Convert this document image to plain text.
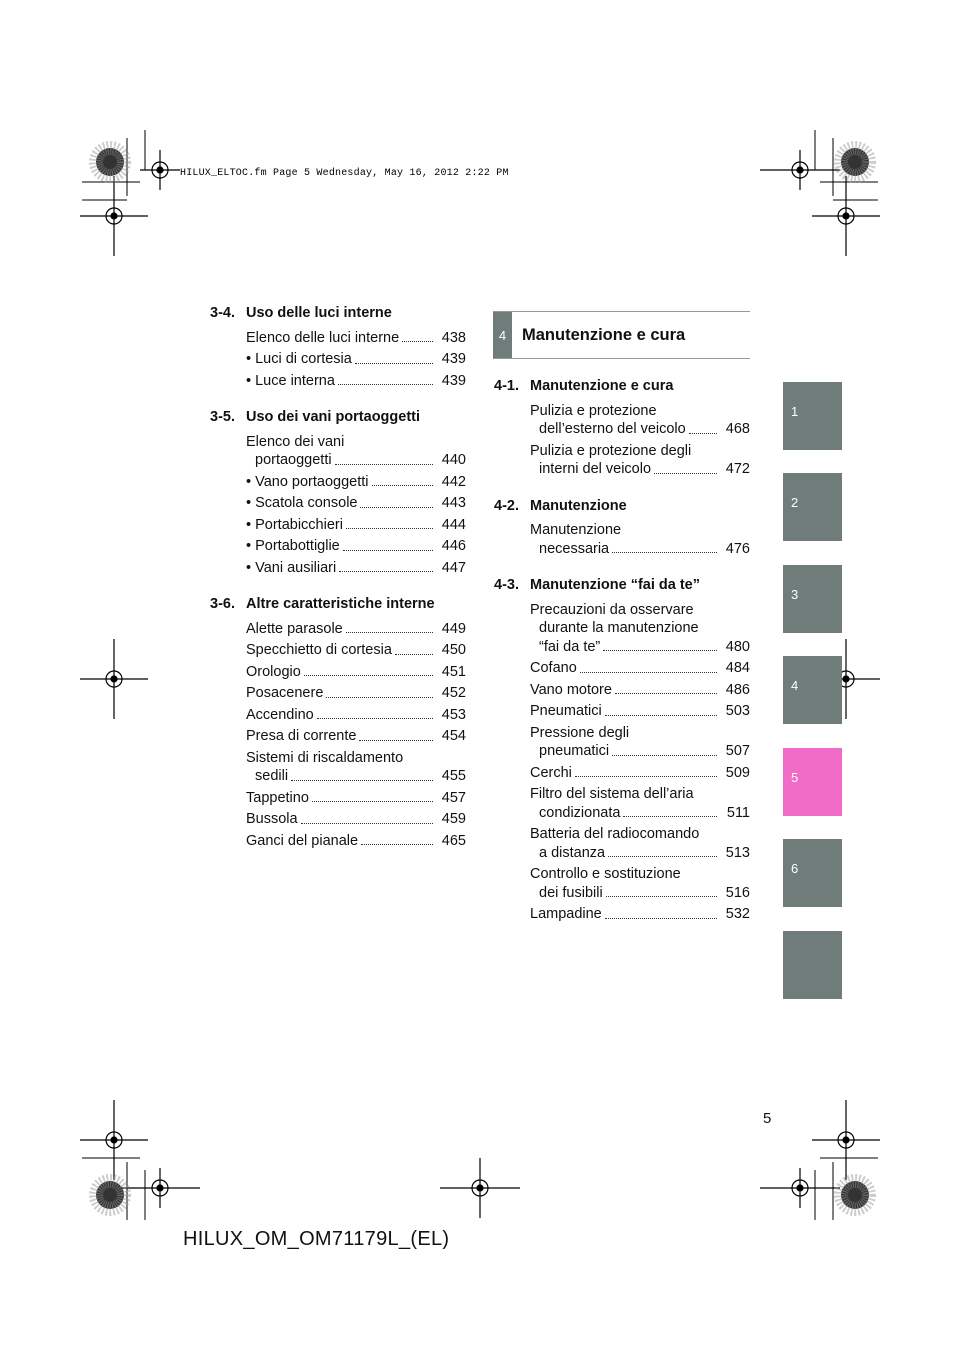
HILUX_ELTOC.fm Page 5 Wednesday, May 16, 2012 2:22 PM
3-4. Uso delle luci interne
Elenco delle luci interne	438
• Luci di cortesia	439
• Luce interna	439
3-5. Uso dei vani portaoggetti
Elenco dei vani
portaoggetti	440
• Vano portaoggetti	442
• Scatola console	443
• Portabicchieri	444
• Portabottiglie	446
• Vani ausiliari	447
3-6. Altre caratteristiche interne
Alette parasole	449
Specchietto di cortesia	450
Orologio	451
Posacenere	452
Accendino	453
Presa di corrente	454
Sistemi di riscaldamento
sedili	455
Tappetino	457
Bussola	459
Ganci del pianale	465
4 Manutenzione e cura
4-1. Manutenzione e cura
Pulizia e protezione
dell’esterno del veicolo	468
Pulizia e protezione degli
interni del veicolo	472
4-2. Manutenzione
Manutenzione
necessaria	476
4-3. Manutenzione “fai da te”
Precauzioni da osservare
durante la manutenzione
“fai da te”	480
Cofano	484
Vano motore	486
Pneumatici	503
Pressione degli
pneumatici	507
Cerchi	509
Filtro del sistema dell’aria
condizionata	511
Batteria del radiocomando
a distanza	513
Controllo e sostituzione
dei fusibili	516
Lampadine	532
1
2
3
4
5
6
5
HILUX_OM_OM71179L_(EL)
